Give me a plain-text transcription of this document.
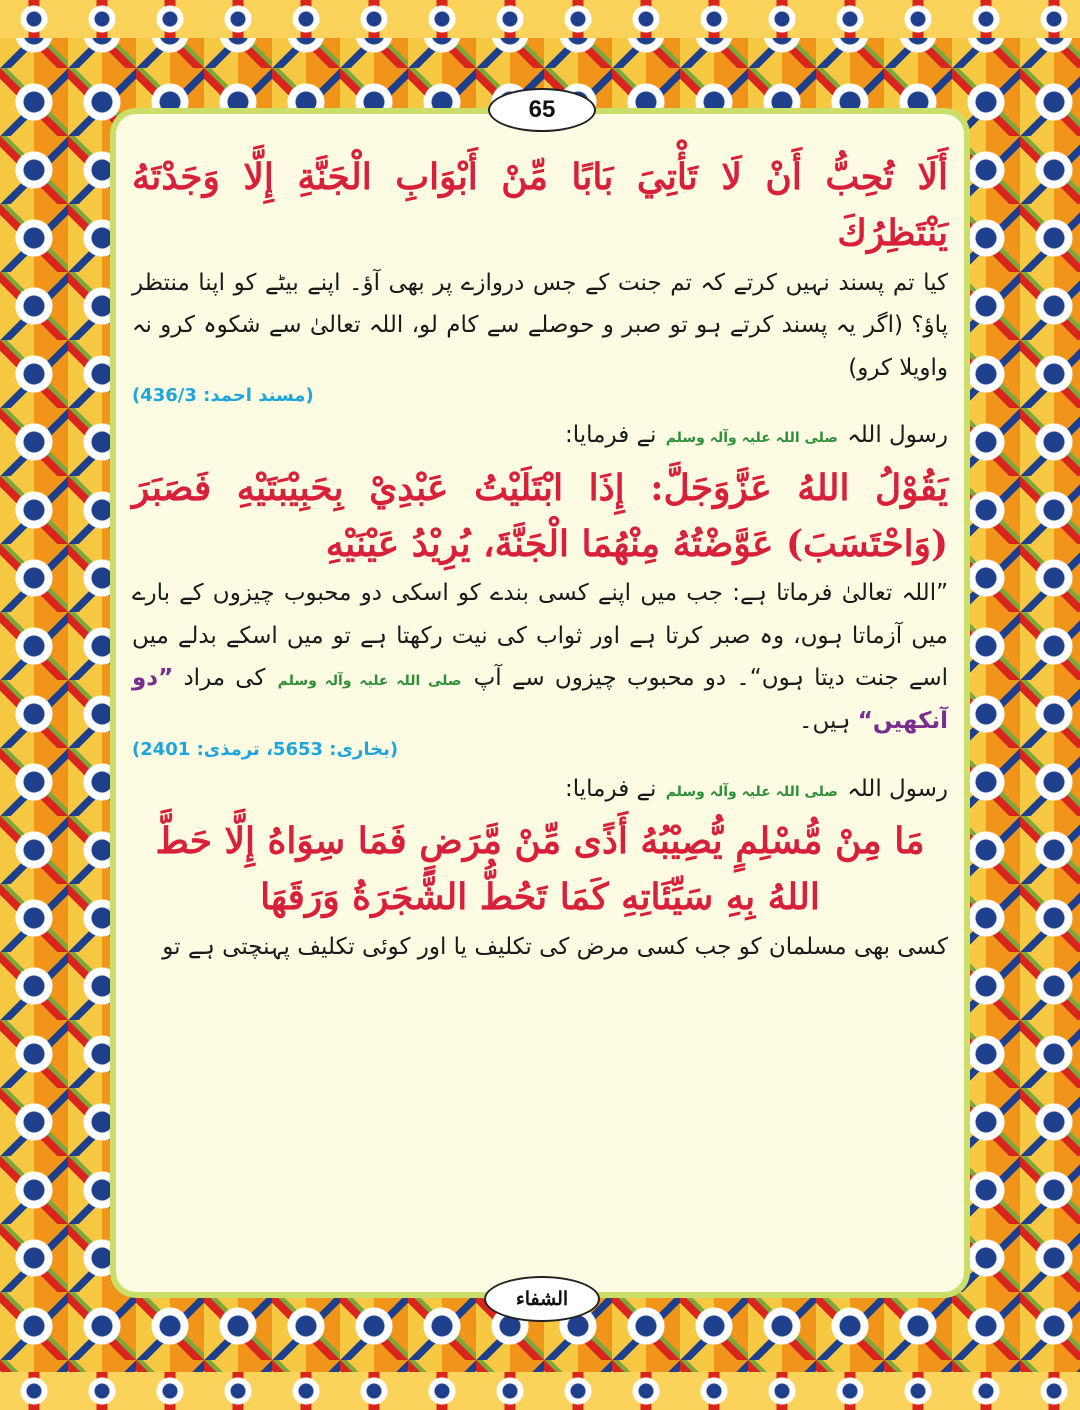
أَلَا تُحِبُّ أَنْ لَا تَأْتِيَ بَابًا مِّنْ أَبْوَابِ الْجَنَّةِ إِلَّا وَجَدْتَهُ يَنْتَظِرُكَ

کیا تم پسند نہیں کرتے کہ تم جنت کے جس دروازے پر بھی آؤ۔ اپنے بیٹے کو اپنا منتظر پاؤ؟ (اگر یہ پسند کرتے ہو تو صبر و حوصلے سے کام لو، اللہ تعالیٰ سے شکوہ کرو نہ واویلا کرو)

(مسند احمد: 436/3)

رسول اللہ صلی اللہ علیہ وآلہ وسلم نے فرمایا:

يَقُوْلُ اللهُ عَزَّوَجَلَّ: إِذَا ابْتَلَيْتُ عَبْدِيْ بِحَبِيْبَتَيْهِ فَصَبَرَ (وَاحْتَسَبَ) عَوَّضْتُهُ مِنْهُمَا الْجَنَّةَ، يُرِيْدُ عَيْنَيْهِ

”اللہ تعالیٰ فرماتا ہے: جب میں اپنے کسی بندے کو اسکی دو محبوب چیزوں کے بارے میں آزماتا ہوں، وہ صبر کرتا ہے اور ثواب کی نیت رکھتا ہے تو میں اسکے بدلے میں اسے جنت دیتا ہوں“۔ دو محبوب چیزوں سے آپ صلی اللہ علیہ وآلہ وسلم کی مراد ”دو آنکھیں“ ہیں۔

(بخاری: 5653، ترمذی: 2401)

رسول اللہ صلی اللہ علیہ وآلہ وسلم نے فرمایا:

مَا مِنْ مُّسْلِمٍ يُّصِيْبُهُ أَذًى مِّنْ مَّرَضٍ فَمَا سِوَاهُ إِلَّا حَطَّ اللهُ بِهِ سَيِّئَاتِهِ كَمَا تَحُطُّ الشَّجَرَةُ وَرَقَهَا

کسی بھی مسلمان کو جب کسی مرض کی تکلیف یا اور کوئی تکلیف پہنچتی ہے تو

65
الشفاء
